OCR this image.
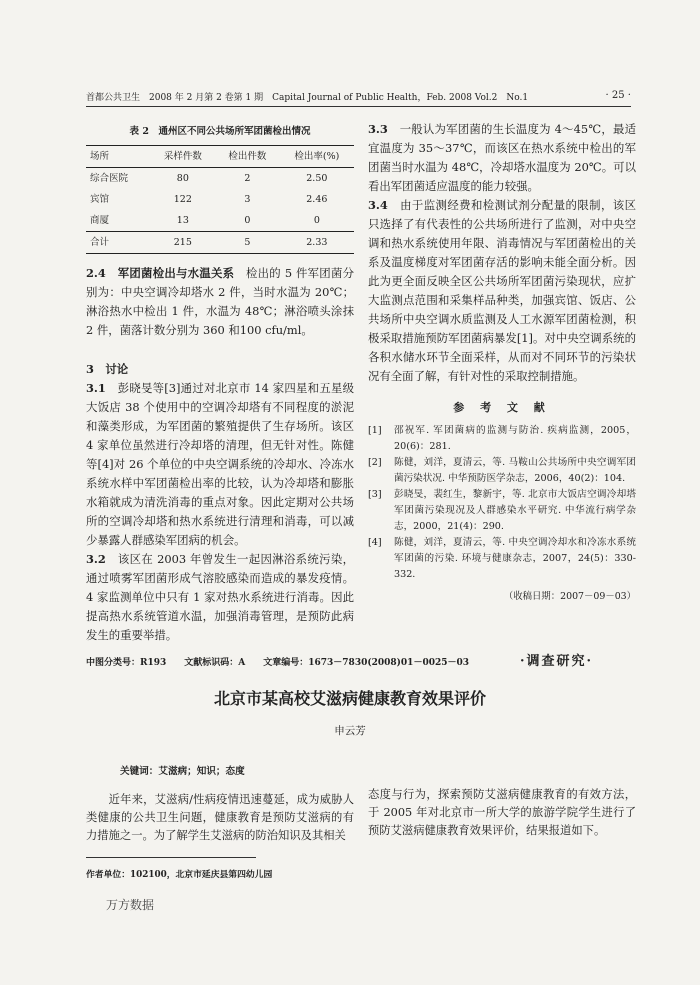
首都公共卫生　2008 年 2 月第 2 卷第 1 期　Capital Journal of Public Health，Feb. 2008 Vol.2　No.1	· 25 ·
表 2　通州区不同公共场所军团菌检出情况
场所	采样件数	检出件数	检出率(%)
综合医院	80	2	2.50
宾馆	122	3	2.46
商厦	13	0	0
合计	215	5	2.33

2.4　军团菌检出与水温关系　 检出的 5 件军团菌分别为：中央空调冷却塔水 2 件，当时水温为 20℃；淋浴热水中检出 1 件，水温为 48℃；淋浴喷头涂抹 2 件，菌落计数分别为 360 和100 cfu/ml。

3　讨论

3.1　 彭晓旻等[3]通过对北京市 14 家四星和五星级大饭店 38 个使用中的空调冷却塔有不同程度的淤泥和藻类形成，为军团菌的繁殖提供了生存场所。该区 4 家单位虽然进行冷却塔的清理，但无针对性。陈健等[4]对 26 个单位的中央空调系统的冷却水、冷冻水系统水样中军团菌检出率的比较，认为冷却塔和膨胀水箱就成为清洗消毒的重点对象。因此定期对公共场所的空调冷却塔和热水系统进行清理和消毒，可以减少暴露人群感染军团病的机会。

3.2　 该区在 2003 年曾发生一起因淋浴系统污染，通过喷雾军团菌形成气溶胶感染而造成的暴发疫情。4 家监测单位中只有 1 家对热水系统进行消毒。因此提高热水系统管道水温，加强消毒管理，是预防此病发生的重要举措。

3.3　 一般认为军团菌的生长温度为 4～45℃，最适宜温度为 35～37℃，而该区在热水系统中检出的军团菌当时水温为 48℃，冷却塔水温度为 20℃。可以看出军团菌适应温度的能力较强。

3.4　 由于监测经费和检测试剂分配量的限制，该区只选择了有代表性的公共场所进行了监测，对中央空调和热水系统使用年限、消毒情况与军团菌检出的关系及温度梯度对军团菌存活的影响未能全面分析。因此为更全面反映全区公共场所军团菌污染现状，应扩大监测点范围和采集样品种类，加强宾馆、饭店、公共场所中央空调水质监测及人工水源军团菌检测，积极采取措施预防军团菌病暴发[1]。对中央空调系统的各积水储水环节全面采样，从而对不同环节的污染状况有全面了解，有针对性的采取控制措施。

参 考 文 献
[1]	邵祝军. 军团菌病的监测与防治. 疾病监测，2005，20(6)：281.
[2]	陈健，刘洋，夏清云，等. 马鞍山公共场所中央空调军团菌污染状况. 中华预防医学杂志，2006，40(2)：104.
[3]	彭晓旻，裴红生，黎新宇，等. 北京市大饭店空调冷却塔军团菌污染现况及人群感染水平研究. 中华流行病学杂志，2000，21(4)：290.
[4]	陈健，刘洋，夏清云，等. 中央空调冷却水和冷冻水系统军团菌的污染. 环境与健康杂志，2007，24(5)：330-332.
（收稿日期：2007－09－03）
中图分类号：R193　　文献标识码：A　　文章编号：1673－7830(2008)01－0025－03	·调查研究·
北京市某高校艾滋病健康教育效果评价
申云芳
关键词：艾滋病；知识；态度
近年来，艾滋病/性病疫情迅速蔓延，成为威胁人类健康的公共卫生问题，健康教育是预防艾滋病的有力措施之一。为了解学生艾滋病的防治知识及其相关
态度与行为，探索预防艾滋病健康教育的有效方法，于 2005 年对北京市一所大学的旅游学院学生进行了预防艾滋病健康教育效果评价，结果报道如下。
作者单位：102100，北京市延庆县第四幼儿园
万方数据
